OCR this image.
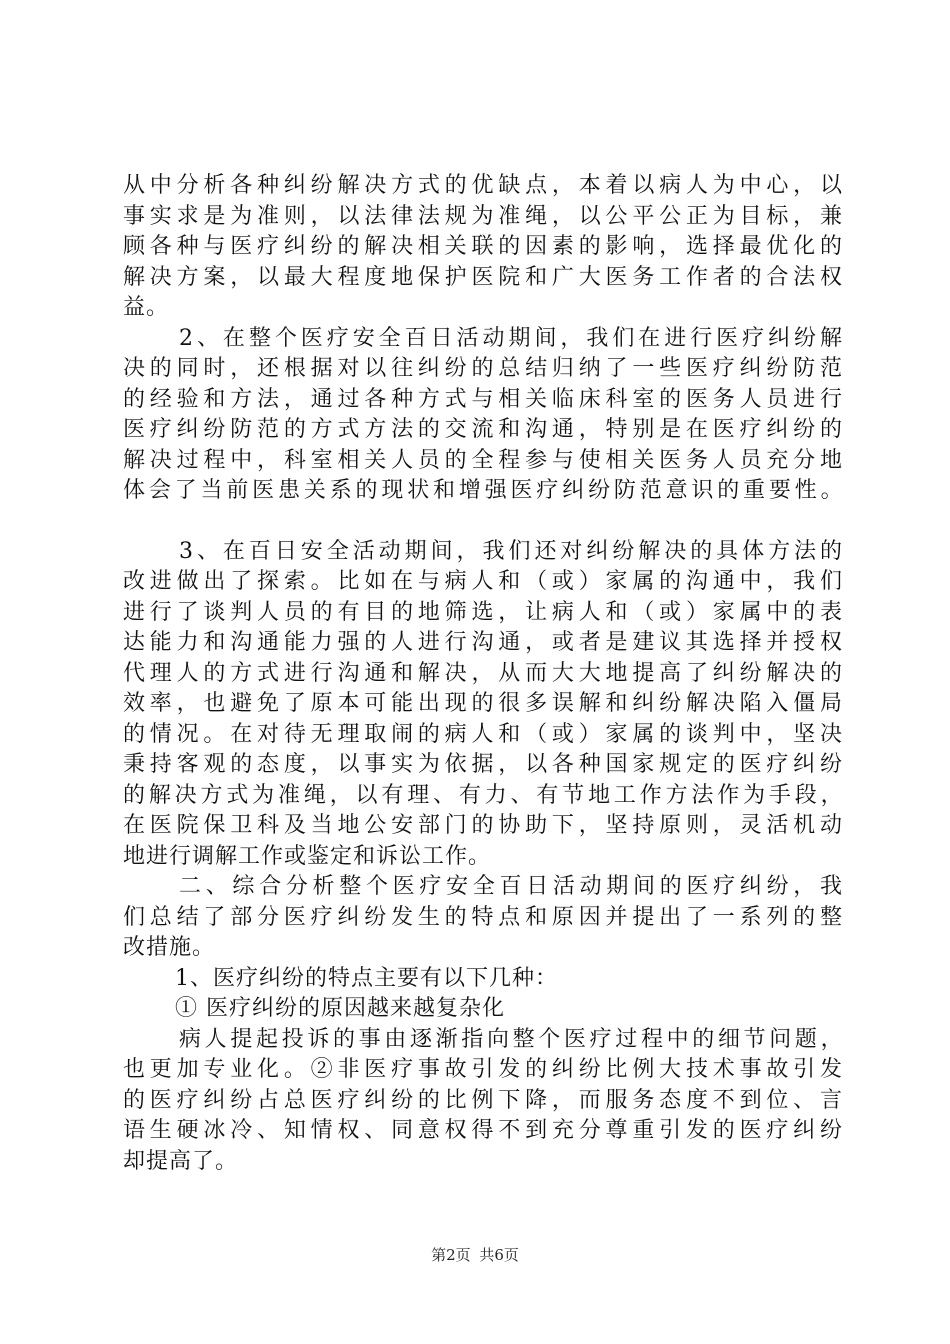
从中分析各种纠纷解决方式的优缺点，本着以病人为中心，以
事实求是为准则，以法律法规为准绳，以公平公正为目标，兼
顾各种与医疗纠纷的解决相关联的因素的影响，选择最优化的
解决方案，以最大程度地保护医院和广大医务工作者的合法权
益。
2、在整个医疗安全百日活动期间，我们在进行医疗纠纷解
决的同时，还根据对以往纠纷的总结归纳了一些医疗纠纷防范
的经验和方法，通过各种方式与相关临床科室的医务人员进行
医疗纠纷防范的方式方法的交流和沟通，特别是在医疗纠纷的
解决过程中，科室相关人员的全程参与使相关医务人员充分地
体会了当前医患关系的现状和增强医疗纠纷防范意识的重要性。
3、在百日安全活动期间，我们还对纠纷解决的具体方法的
改进做出了探索。比如在与病人和（或）家属的沟通中，我们
进行了谈判人员的有目的地筛选，让病人和（或）家属中的表
达能力和沟通能力强的人进行沟通，或者是建议其选择并授权
代理人的方式进行沟通和解决，从而大大地提高了纠纷解决的
效率，也避免了原本可能出现的很多误解和纠纷解决陷入僵局
的情况。在对待无理取闹的病人和（或）家属的谈判中，坚决
秉持客观的态度，以事实为依据，以各种国家规定的医疗纠纷
的解决方式为准绳，以有理、有力、有节地工作方法作为手段，
在医院保卫科及当地公安部门的协助下，坚持原则，灵活机动
地进行调解工作或鉴定和诉讼工作。
二、综合分析整个医疗安全百日活动期间的医疗纠纷，我
们总结了部分医疗纠纷发生的特点和原因并提出了一系列的整
改措施。
1、医疗纠纷的特点主要有以下几种：
① 医疗纠纷的原因越来越复杂化
病人提起投诉的事由逐渐指向整个医疗过程中的细节问题，
也更加专业化。②非医疗事故引发的纠纷比例大技术事故引发
的医疗纠纷占总医疗纠纷的比例下降，而服务态度不到位、言
语生硬冰冷、知情权、同意权得不到充分尊重引发的医疗纠纷
却提高了。
第2页 共6页
